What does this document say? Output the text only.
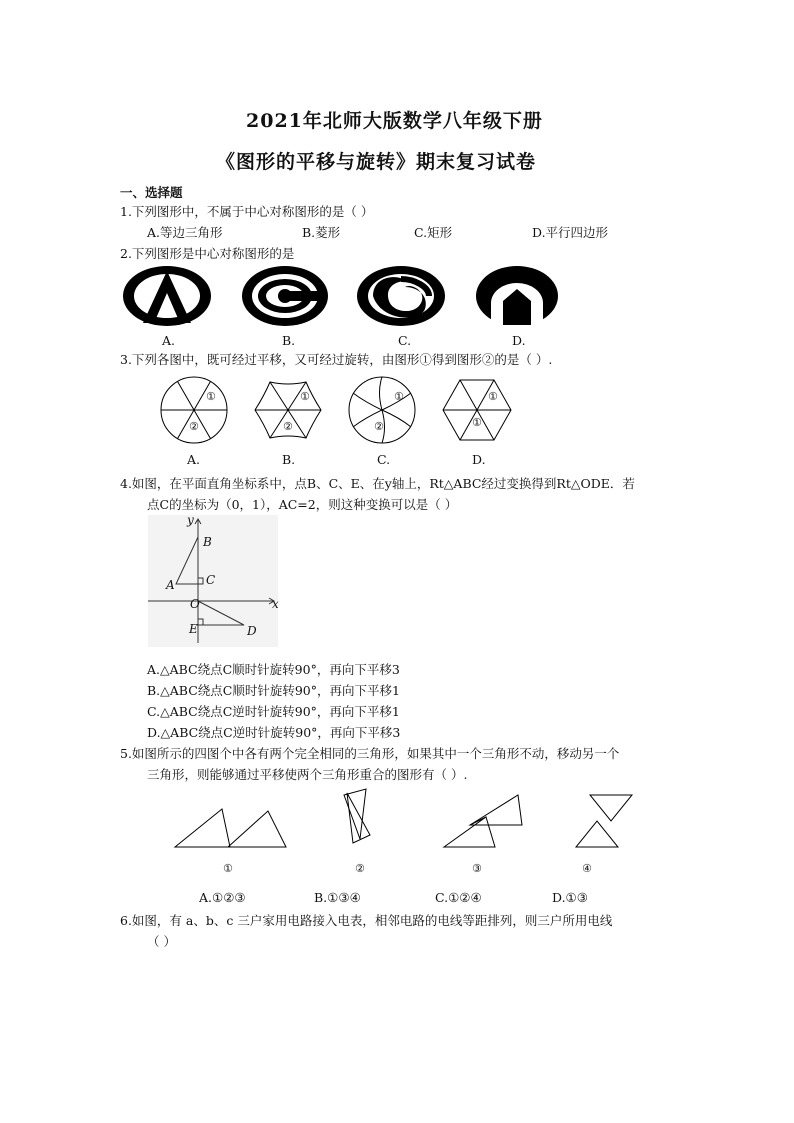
2021年北师大版数学八年级下册
《图形的平移与旋转》期末复习试卷
一、选择题
1.下列图形中，不属于中心对称图形的是（ ）
A.等边三角形	B.菱形	C.矩形	D.平行四边形
2.下列图形是中心对称图形的是
A.	B.	C.	D.
3.下列各图中，既可经过平移，又可经过旋转，由图形①得到图形②的是（ ）.
①
②
①
②
①
②
①
①
A.	B.	C.	D.
4.如图，在平面直角坐标系中，点B、C、E、在y轴上，Rt△ABC经过变换得到Rt△ODE．若
点C的坐标为（0，1），AC=2，则这种变换可以是（ ）
y
B
A	C
O	x
E	D
A.△ABC绕点C顺时针旋转90°，再向下平移3
B.△ABC绕点C顺时针旋转90°，再向下平移1
C.△ABC绕点C逆时针旋转90°，再向下平移1
D.△ABC绕点C逆时针旋转90°，再向下平移3
5.如图所示的四图个中各有两个完全相同的三角形，如果其中一个三角形不动，移动另一个
三角形，则能够通过平移使两个三角形重合的图形有（ ）.
①	②	③	④
A.①②③	B.①③④	C.①②④	D.①③
6.如图，有 a、b、c 三户家用电路接入电表，相邻电路的电线等距排列，则三户所用电线
（ ）
